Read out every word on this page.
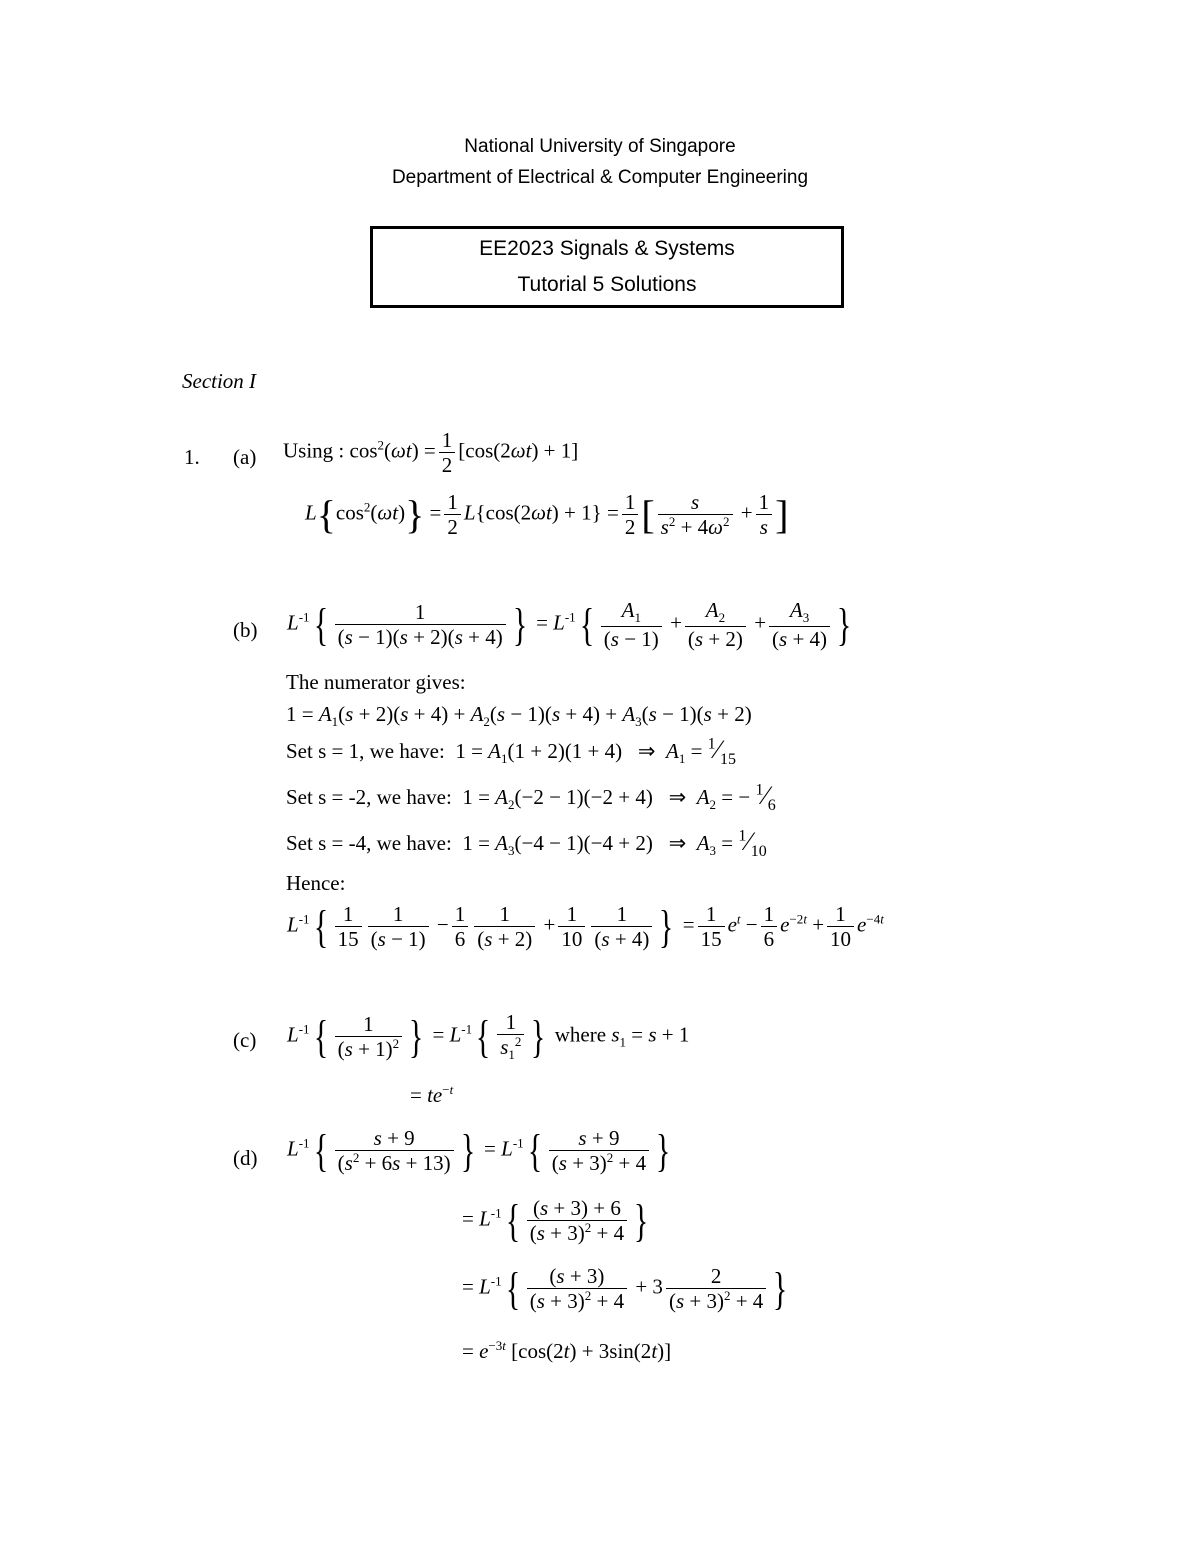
National University of Singapore
Department of Electrical & Computer Engineering
EE2023 Signals & Systems
Tutorial 5 Solutions
Section I
1. (a) Using : $\cos^2(\omega t) = \frac{1}{2} [\cos(2\omega t) + 1]$
$L\{\cos^2(\omega t)\} = \frac{1}{2} L\{\cos(2\omega t) + 1\} = \frac{1}{2}$ [ $\frac{s}{s^2 + 4\omega^2} + \frac{1}{s}$ ]
(b) $L^{-1}\{ \frac{1}{(s - 1)(s + 2)(s + 4)}$ } = $L^{-1}\{ \frac{A_1}{(s - 1)} + \frac{A_2}{(s + 2)} + \frac{A_3}{(s + 4)}$ }
The numerator gives:
$1 = A_1(s + 2)(s + 4) + A_2(s - 1)(s + 4) + A_3(s - 1)(s + 2)$
Set s = 1, we have:  $1 = A_1(1 + 2)(1 + 4)$   ⇒  $A_1$ = $^1⁄_{15}$
Set s = -2, we have:  $1 = A_2(-2 - 1)(-2 + 4)$   ⇒  $A_2$ = − $^1⁄_6$
Set s = -4, we have:  $1 = A_3(-4 - 1)(-4 + 2)$   ⇒  $A_3$ = $^1⁄_{10}$
Hence:
$L^{-1}\{ \frac{1}{15} \frac{1}{(s - 1)} - \frac{1}{6} \frac{1}{(s + 2)} + \frac{1}{10} \frac{1}{(s + 4)}$ } = $\frac{1}{15} e^t - \frac{1}{6} e^{-2t} + \frac{1}{10} e^{-4t}$
(c) $L^{-1}\{ \frac{1}{(s + 1)^2}$ } = $L^{-1}\{ \frac{1}{s_1^2}$ } where $s_1 = s + 1$
= $te^{-t}$
(d) $L^{-1}\{ \frac{s + 9}{(s^2 + 6s + 13)}$ } = $L^{-1}\{ \frac{s + 9}{(s + 3)^2 + 4}$ }
= $L^{-1}\{ \frac{(s + 3) + 6}{(s + 3)^2 + 4}$ }
= $L^{-1}\{ \frac{(s + 3)}{(s + 3)^2 + 4} + 3 \frac{2}{(s + 3)^2 + 4}$ }
= $e^{-3t}$ [cos(2t) + 3sin(2t)]
